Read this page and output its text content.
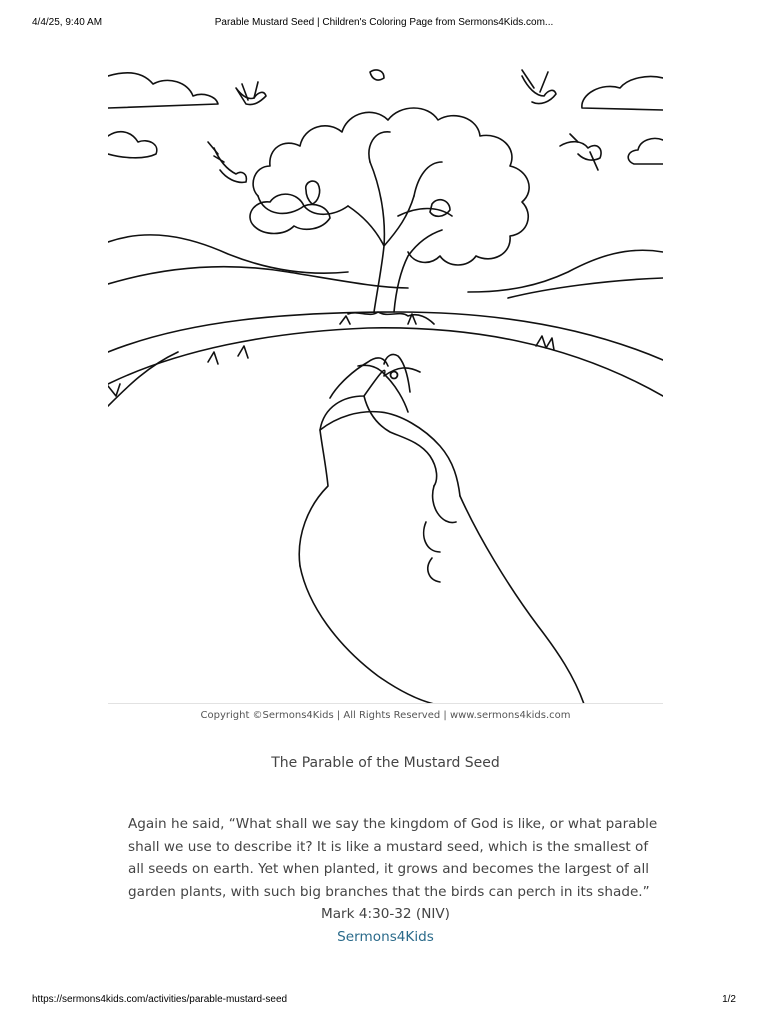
4/4/25, 9:40 AM	Parable Mustard Seed | Children's Coloring Page from Sermons4Kids.com...
Copyright ©Sermons4Kids | All Rights Reserved | www.sermons4kids.com
The Parable of the Mustard Seed
Again he said, “What shall we say the kingdom of God is like, or what parable
shall we use to describe it? It is like a mustard seed, which is the smallest of
all seeds on earth. Yet when planted, it grows and becomes the largest of all
garden plants, with such big branches that the birds can perch in its shade.”
Mark 4:30-32 (NIV)
Sermons4Kids
https://sermons4kids.com/activities/parable-mustard-seed	1/2
